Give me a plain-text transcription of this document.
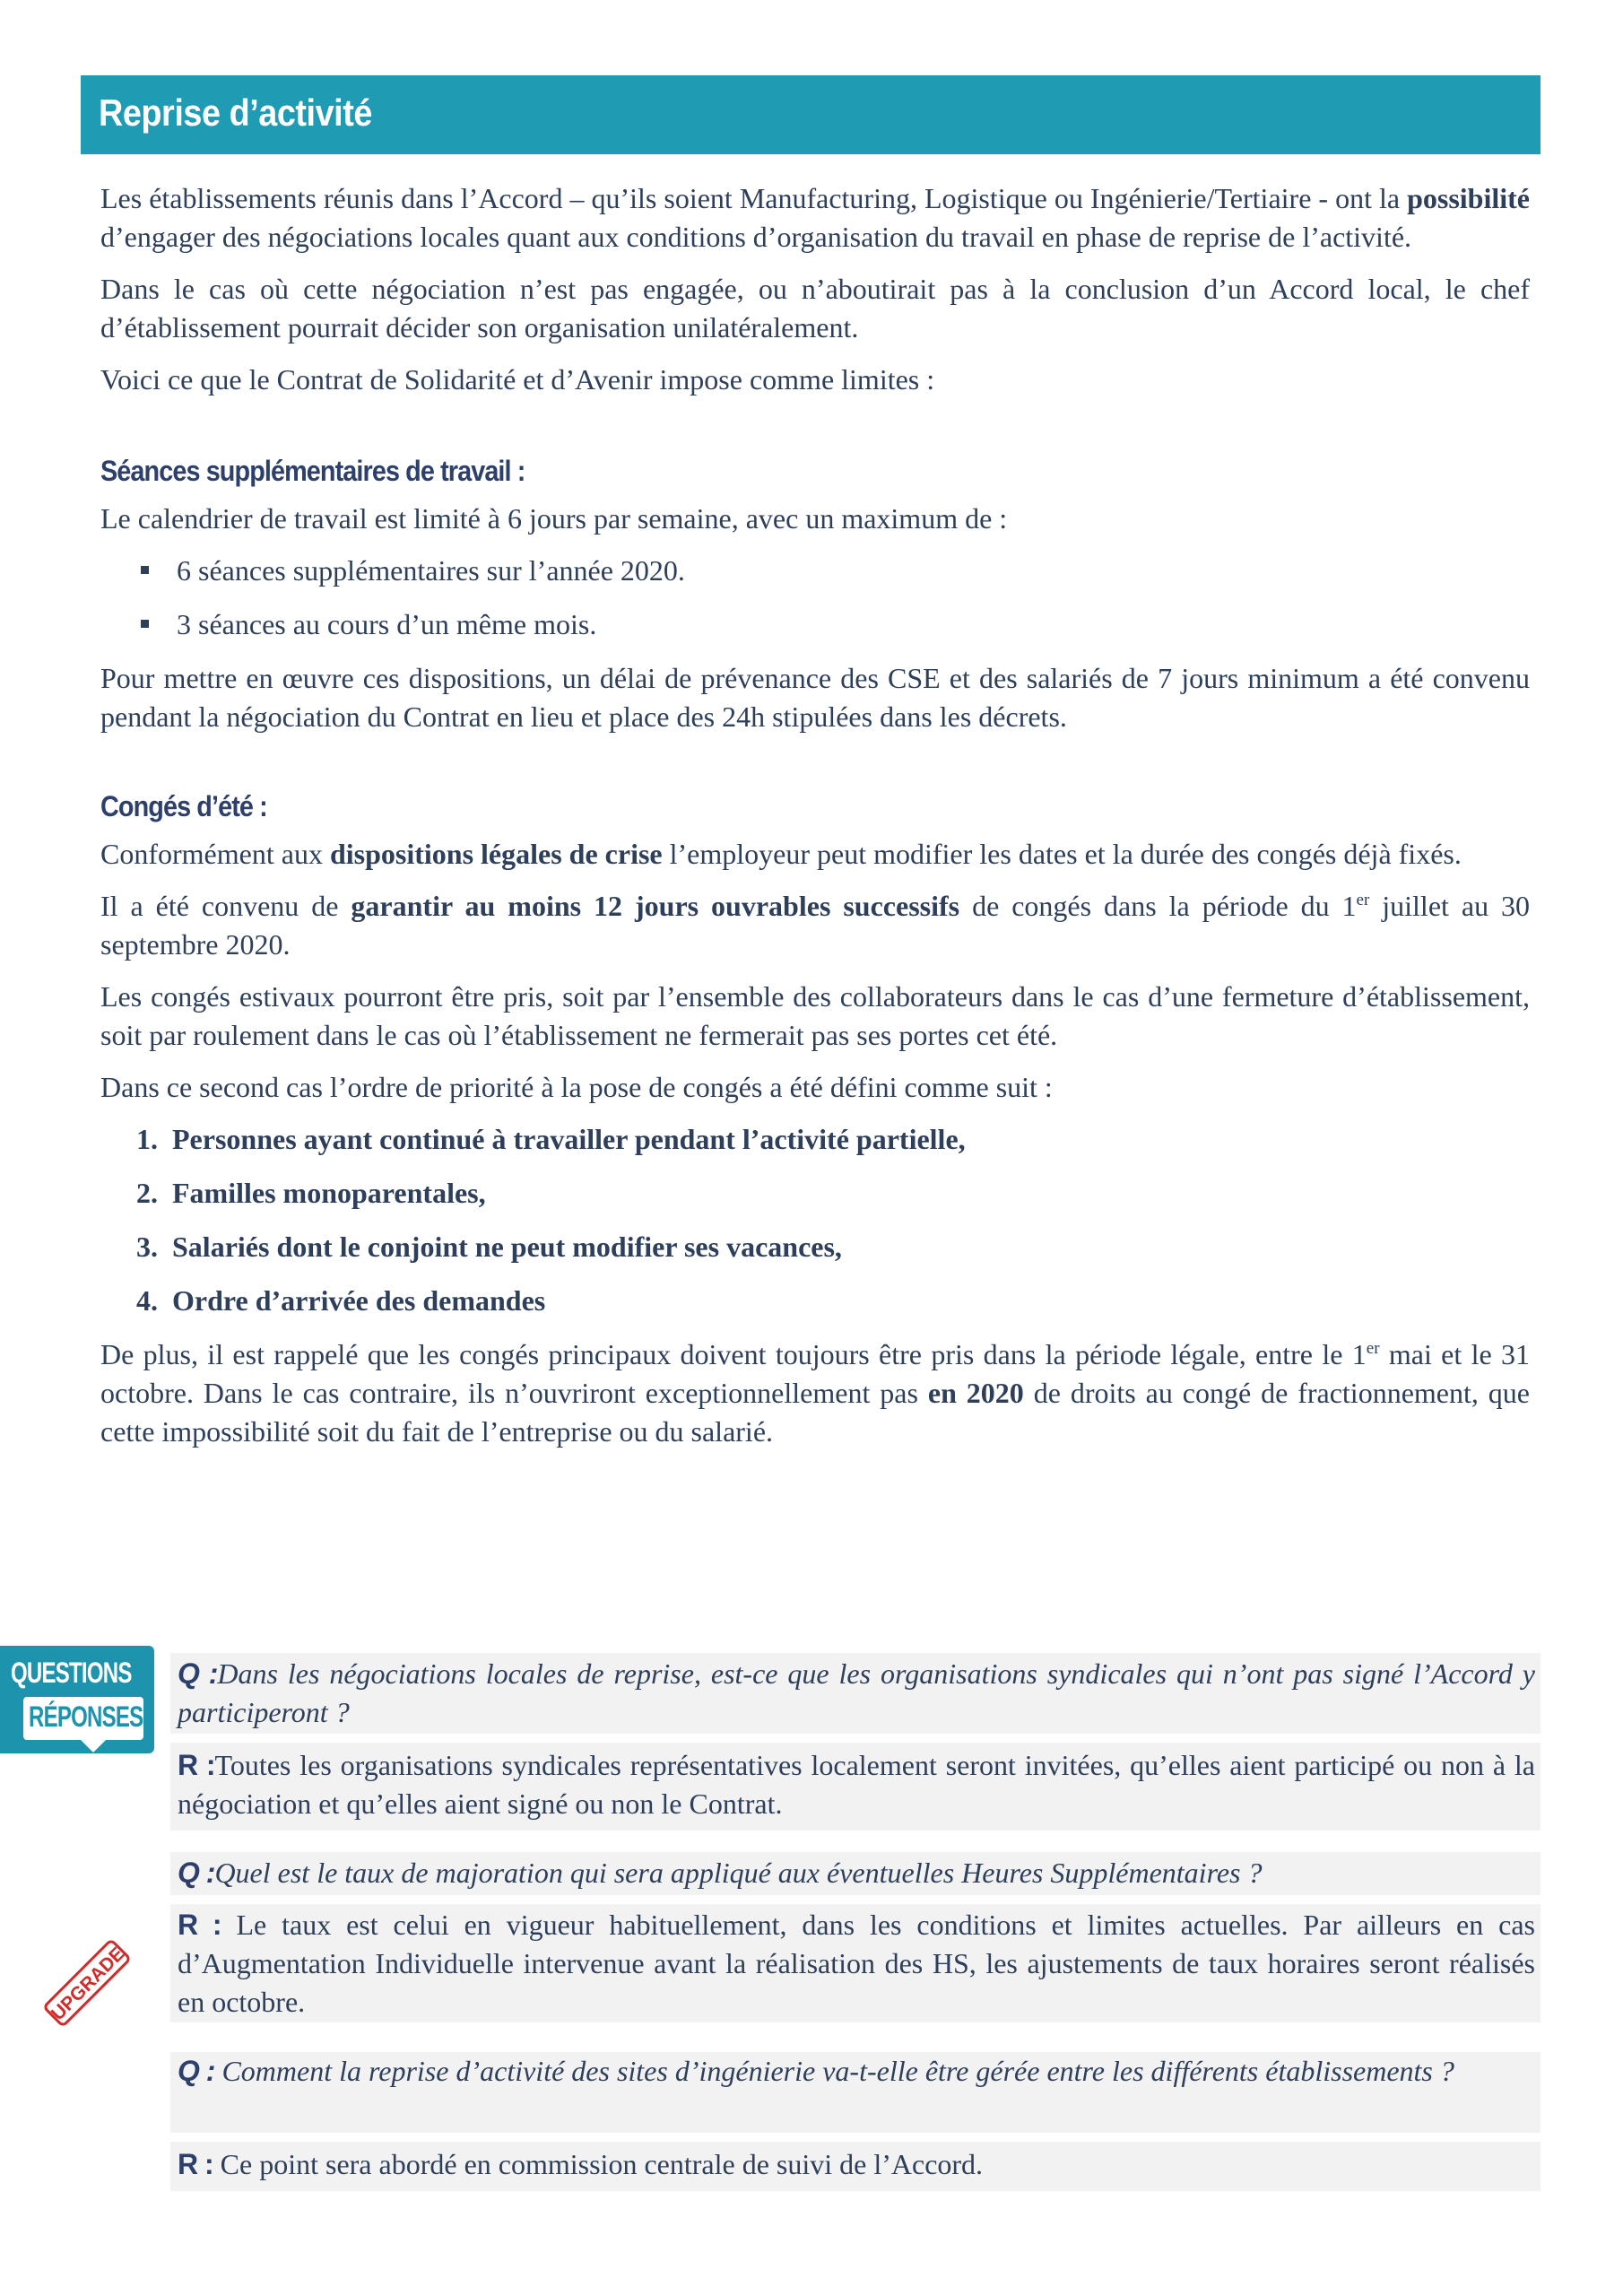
Reprise d’activité

Les établissements réunis dans l’Accord – qu’ils soient Manufacturing, Logistique ou Ingénierie/Tertiaire - ont la possibilité d’engager des négociations locales quant aux conditions d’organisation du travail en phase de reprise de l’activité.

Dans le cas où cette négociation n’est pas engagée, ou n’aboutirait pas à la conclusion d’un Accord local, le chef d’établissement pourrait décider son organisation unilatéralement.

Voici ce que le Contrat de Solidarité et d’Avenir impose comme limites :

Séances supplémentaires de travail :

Le calendrier de travail est limité à 6 jours par semaine, avec un maximum de :

6 séances supplémentaires sur l’année 2020.
3 séances au cours d’un même mois.

Pour mettre en œuvre ces dispositions, un délai de prévenance des CSE et des salariés de 7 jours minimum a été convenu pendant la négociation du Contrat en lieu et place des 24h stipulées dans les décrets.

Congés d’été :

Conformément aux dispositions légales de crise l’employeur peut modifier les dates et la durée des congés déjà fixés.

Il a été convenu de garantir au moins 12 jours ouvrables successifs de congés dans la période du 1er juillet au 30 septembre 2020.

Les congés estivaux pourront être pris, soit par l’ensemble des collaborateurs dans le cas d’une fermeture d’établissement, soit par roulement dans le cas où l’établissement ne fermerait pas ses portes cet été.

Dans ce second cas l’ordre de priorité à la pose de congés a été défini comme suit :

1.  Personnes ayant continué à travailler pendant l’activité partielle,
2.  Familles monoparentales,
3.  Salariés dont le conjoint ne peut modifier ses vacances,
4.  Ordre d’arrivée des demandes

De plus, il est rappelé que les congés principaux doivent toujours être pris dans la période légale, entre le 1er mai et le 31 octobre. Dans le cas contraire, ils n’ouvriront exceptionnellement pas en 2020 de droits au congé de fractionnement, que cette impossibilité soit du fait de l’entreprise ou du salarié.

QUESTIONS
RÉPONSES
UPGRADE
Q :Dans les négociations locales de reprise, est-ce que les organisations syndicales qui n’ont pas signé l’Accord y participeront ?
R :Toutes les organisations syndicales représentatives localement seront invitées, qu’elles aient participé ou non à la négociation et qu’elles aient signé ou non le Contrat.
Q :Quel est le taux de majoration qui sera appliqué aux éventuelles Heures Supplémentaires ?
R : Le taux est celui en vigueur habituellement, dans les conditions et limites actuelles. Par ailleurs en cas d’Augmentation Individuelle intervenue avant la réalisation des HS, les ajustements de taux horaires seront réalisés en octobre.
Q : Comment la reprise d’activité des sites d’ingénierie va-t-elle être gérée entre les différents établissements ?
R : Ce point sera abordé en commission centrale de suivi de l’Accord.
